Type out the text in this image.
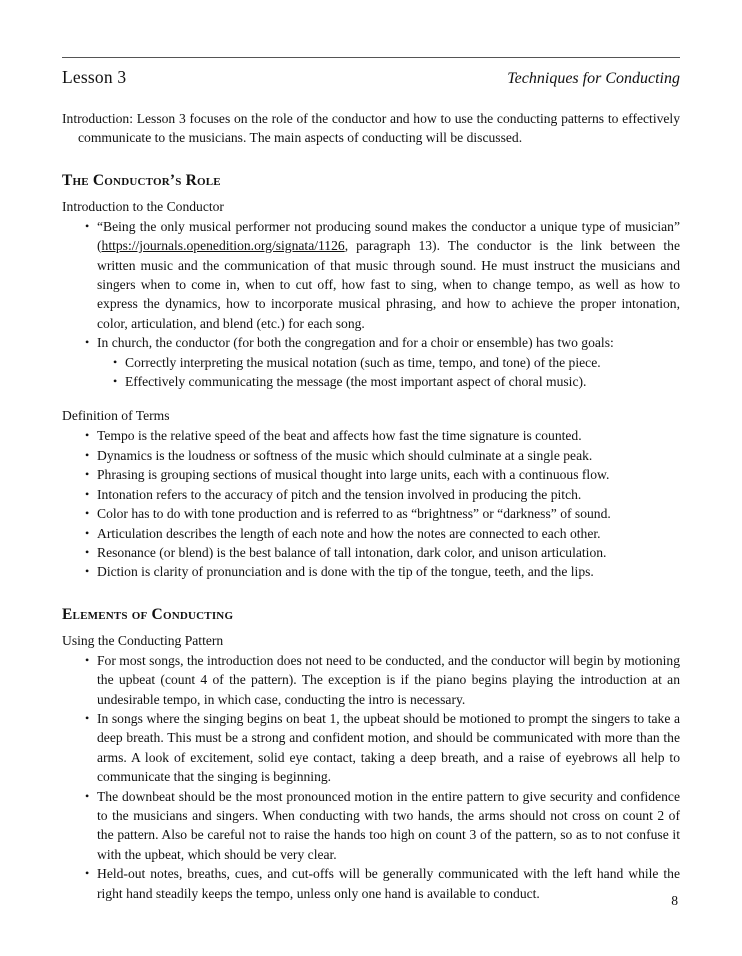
Lesson 3	Techniques for Conducting

Introduction: Lesson 3 focuses on the role of the conductor and how to use the conducting patterns to effectively communicate to the musicians. The main aspects of conducting will be discussed.

The Conductor’s Role
Introduction to the Conductor
• “Being the only musical performer not producing sound makes the conductor a unique type of musician” (https://journals.openedition.org/signata/1126, paragraph 13). The conductor is the link between the written music and the communication of that music through sound. He must instruct the musicians and singers when to come in, when to cut off, how fast to sing, when to change tempo, as well as how to express the dynamics, how to incorporate musical phrasing, and how to achieve the proper intonation, color, articulation, and blend (etc.) for each song.
• In church, the conductor (for both the congregation and for a choir or ensemble) has two goals:
• Correctly interpreting the musical notation (such as time, tempo, and tone) of the piece.
• Effectively communicating the message (the most important aspect of choral music).
Definition of Terms
• Tempo is the relative speed of the beat and affects how fast the time signature is counted.
• Dynamics is the loudness or softness of the music which should culminate at a single peak.
• Phrasing is grouping sections of musical thought into large units, each with a continuous flow.
• Intonation refers to the accuracy of pitch and the tension involved in producing the pitch.
• Color has to do with tone production and is referred to as “brightness” or “darkness” of sound.
• Articulation describes the length of each note and how the notes are connected to each other.
• Resonance (or blend) is the best balance of tall intonation, dark color, and unison articulation.
• Diction is clarity of pronunciation and is done with the tip of the tongue, teeth, and the lips.
Elements of Conducting
Using the Conducting Pattern
• For most songs, the introduction does not need to be conducted, and the conductor will begin by motioning the upbeat (count 4 of the pattern). The exception is if the piano begins playing the introduction at an undesirable tempo, in which case, conducting the intro is necessary.
• In songs where the singing begins on beat 1, the upbeat should be motioned to prompt the singers to take a deep breath. This must be a strong and confident motion, and should be communicated with more than the arms. A look of excitement, solid eye contact, taking a deep breath, and a raise of eyebrows all help to communicate that the singing is beginning.
• The downbeat should be the most pronounced motion in the entire pattern to give security and confidence to the musicians and singers. When conducting with two hands, the arms should not cross on count 2 of the pattern. Also be careful not to raise the hands too high on count 3 of the pattern, so as to not confuse it with the upbeat, which should be very clear.
• Held-out notes, breaths, cues, and cut-offs will be generally communicated with the left hand while the right hand steadily keeps the tempo, unless only one hand is available to conduct.	8
